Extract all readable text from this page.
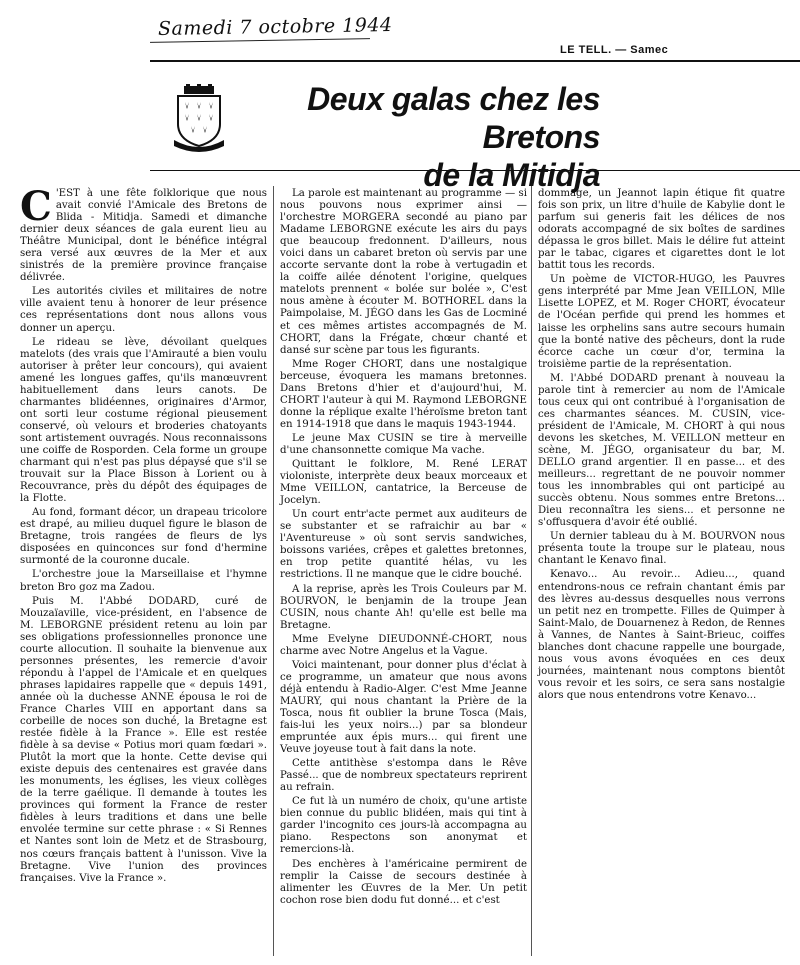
Samedi 7 octobre 1944
LE TELL. — Samec
Deux galas chez les Bretons
de la Mitidja

C 'EST à une fête folklorique que nous avait convié l'Amicale des Bretons de Blida - Mitidja. Samedi et dimanche dernier deux séances de gala eurent lieu au Théâtre Municipal, dont le bénéfice intégral sera versé aux œuvres de la Mer et aux sinistrés de la première province française délivrée.

Les autorités civiles et militaires de notre ville avaient tenu à honorer de leur présence ces représentations dont nous allons vous donner un aperçu.

Le rideau se lève, dévoilant quelques matelots (des vrais que l'Amirauté a bien voulu autoriser à prêter leur concours), qui avaient amené les longues gaffes, qu'ils manœuvrent habituellement dans leurs canots. De charmantes blidéennes, originaires d'Armor, ont sorti leur costume régional pieusement conservé, où velours et broderies chatoyants sont artistement ouvragés. Nous reconnaissons une coiffe de Rosporden. Cela forme un groupe charmant qui n'est pas plus dépaysé que s'il se trouvait sur la Place Bisson à Lorient ou à Recouvrance, près du dépôt des équipages de la Flotte.

Au fond, formant décor, un drapeau tricolore est drapé, au milieu duquel figure le blason de Bretagne, trois rangées de fleurs de lys disposées en quinconces sur fond d'hermine surmonté de la couronne ducale.

L'orchestre joue la Marseillaise et l'hymne breton Bro goz ma Zadou.

Puis M. l'Abbé DODARD, curé de Mouzaïaville, vice-président, en l'absence de M. LEBORGNE président retenu au loin par ses obligations professionnelles prononce une courte allocution. Il souhaite la bienvenue aux personnes présentes, les remercie d'avoir répondu à l'appel de l'Amicale et en quelques phrases lapidaires rappelle que « depuis 1491, année où la duchesse ANNE épousa le roi de France Charles VIII en apportant dans sa corbeille de noces son duché, la Bretagne est restée fidèle à la France ». Elle est restée fidèle à sa devise « Potius mori quam fœdari ». Plutôt la mort que la honte. Cette devise qui existe depuis des centenaires est gravée dans les monuments, les églises, les vieux collèges de la terre gaélique. Il demande à toutes les provinces qui forment la France de rester fidèles à leurs traditions et dans une belle envolée termine sur cette phrase : « Si Rennes et Nantes sont loin de Metz et de Strasbourg, nos cœurs français battent à l'unisson. Vive la Bretagne. Vive l'union des provinces françaises. Vive la France ».

La parole est maintenant au programme — si nous pouvons nous exprimer ainsi — l'orchestre MORGERA secondé au piano par Madame LEBORGNE exécute les airs du pays que beaucoup fredonnent. D'ailleurs, nous voici dans un cabaret breton où servis par une accorte servante dont la robe à vertugadin et la coiffe ailée dénotent l'origine, quelques matelots prennent « bolée sur bolée », C'est nous amène à écouter M. BOTHOREL dans la Paimpolaise, M. JÉGO dans les Gas de Locminé et ces mêmes artistes accompagnés de M. CHORT, dans la Frégate, chœur chanté et dansé sur scène par tous les figurants.

Mme Roger CHORT, dans une nostalgique berceuse, évoquera les mamans bretonnes. Dans Bretons d'hier et d'aujourd'hui, M. CHORT l'auteur à qui M. Raymond LEBORGNE donne la réplique exalte l'héroïsme breton tant en 1914-1918 que dans le maquis 1943-1944.

Le jeune Max CUSIN se tire à merveille d'une chansonnette comique Ma vache.

Quittant le folklore, M. René LERAT violoniste, interprète deux beaux morceaux et Mme VEILLON, cantatrice, la Berceuse de Jocelyn.

Un court entr'acte permet aux auditeurs de se substanter et se rafraichir au bar « l'Aventureuse » où sont servis sandwiches, boissons variées, crêpes et galettes bretonnes, en trop petite quantité hélas, vu les restrictions. Il ne manque que le cidre bouché.

A la reprise, après les Trois Couleurs par M. BOURVON, le benjamin de la troupe Jean CUSIN, nous chante Ah! qu'elle est belle ma Bretagne.

Mme Evelyne DIEUDONNÉ-CHORT, nous charme avec Notre Angelus et la Vague.

Voici maintenant, pour donner plus d'éclat à ce programme, un amateur que nous avons déjà entendu à Radio-Alger. C'est Mme Jeanne MAURY, qui nous chantant la Prière de la Tosca, nous fit oublier la brune Tosca (Mais, fais-lui les yeux noirs...) par sa blondeur empruntée aux épis murs... qui firent une Veuve joyeuse tout à fait dans la note.

Cette antithèse s'estompa dans le Rêve Passé... que de nombreux spectateurs reprirent au refrain.

Ce fut là un numéro de choix, qu'une artiste bien connue du public blidéen, mais qui tint à garder l'incognito ces jours-là accompagna au piano. Respectons son anonymat et remercions-là.

Des enchères à l'américaine permirent de remplir la Caisse de secours destinée à alimenter les Œuvres de la Mer. Un petit cochon rose bien dodu fut donné... et c'est

dommage, un Jeannot lapin étique fit quatre fois son prix, un litre d'huile de Kabylie dont le parfum sui generis fait les délices de nos odorats accompagné de six boîtes de sardines dépassa le gros billet. Mais le délire fut atteint par le tabac, cigares et cigarettes dont le lot battit tous les records.

Un poème de VICTOR-HUGO, les Pauvres gens interprété par Mme Jean VEILLON, Mlle Lisette LOPEZ, et M. Roger CHORT, évocateur de l'Océan perfide qui prend les hommes et laisse les orphelins sans autre secours humain que la bonté native des pêcheurs, dont la rude écorce cache un cœur d'or, termina la troisième partie de la représentation.

M. l'Abbé DODARD prenant à nouveau la parole tint à remercier au nom de l'Amicale tous ceux qui ont contribué à l'organisation de ces charmantes séances. M. CUSIN, vice-président de l'Amicale, M. CHORT à qui nous devons les sketches, M. VEILLON metteur en scène, M. JÉGO, organisateur du bar, M. DELLO grand argentier. Il en passe... et des meilleurs... regrettant de ne pouvoir nommer tous les innombrables qui ont participé au succès obtenu. Nous sommes entre Bretons... Dieu reconnaîtra les siens... et personne ne s'offusquera d'avoir été oublié.

Un dernier tableau du à M. BOURVON nous présenta toute la troupe sur le plateau, nous chantant le Kenavo final.

Kenavo... Au revoir... Adieu..., quand entendrons-nous ce refrain chantant émis par des lèvres au-dessus desquelles nous verrons un petit nez en trompette. Filles de Quimper à Saint-Malo, de Douarnenez à Redon, de Rennes à Vannes, de Nantes à Saint-Brieuc, coiffes blanches dont chacune rappelle une bourgade, nous vous avons évoquées en ces deux journées, maintenant nous comptons bientôt vous revoir et les soirs, ce sera sans nostalgie alors que nous entendrons votre Kenavo...
